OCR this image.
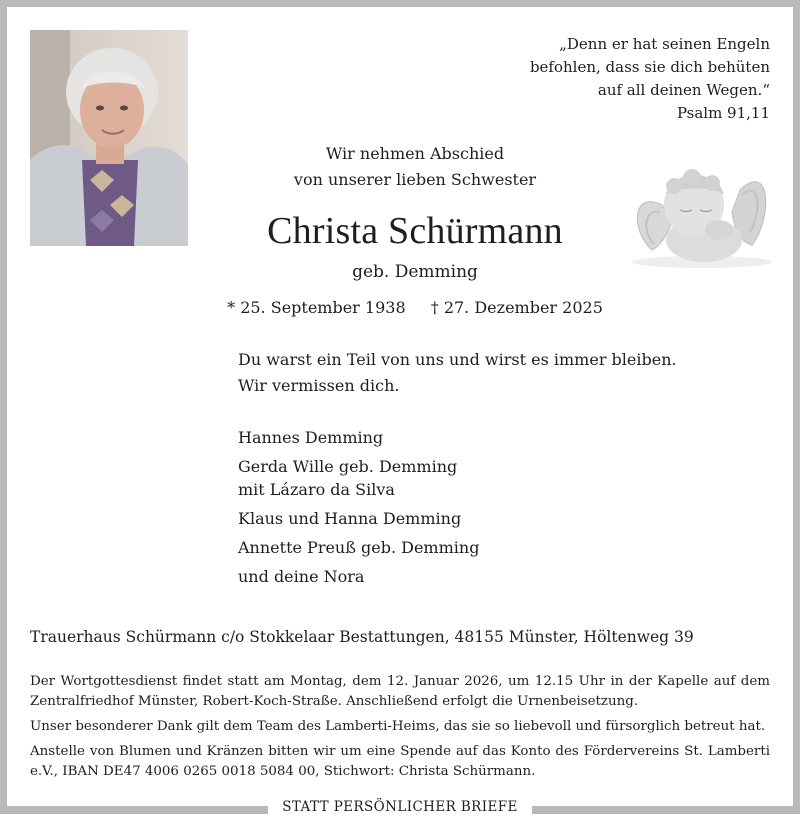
„Denn er hat seinen Engeln
befohlen, dass sie dich behüten
auf all deinen Wegen.“
Psalm 91,11
Wir nehmen Abschied
von unserer lieben Schwester
Christa Schürmann
geb. Demming
* 25. September 1938 † 27. Dezember 2025
Du warst ein Teil von uns und wirst es immer bleiben.
Wir vermissen dich.
Hannes Demming
Gerda Wille geb. Demming
mit Lázaro da Silva
Klaus und Hanna Demming
Annette Preuß geb. Demming
und deine Nora
Trauerhaus Schürmann c/o Stokkelaar Bestattungen, 48155 Münster, Höltenweg 39

Der Wortgottesdienst findet statt am Montag, dem 12. Januar 2026, um 12.15 Uhr in der Kapelle auf dem Zentralfriedhof Münster, Robert-Koch-Straße. Anschließend erfolgt die Urnenbeisetzung.

Unser besonderer Dank gilt dem Team des Lamberti-Heims, das sie so liebevoll und fürsorglich betreut hat.

Anstelle von Blumen und Kränzen bitten wir um eine Spende auf das Konto des Fördervereins St. Lamberti e.V., IBAN DE47 4006 0265 0018 5084 00, Stichwort: Christa Schürmann.

STATT PERSÖNLICHER BRIEFE
